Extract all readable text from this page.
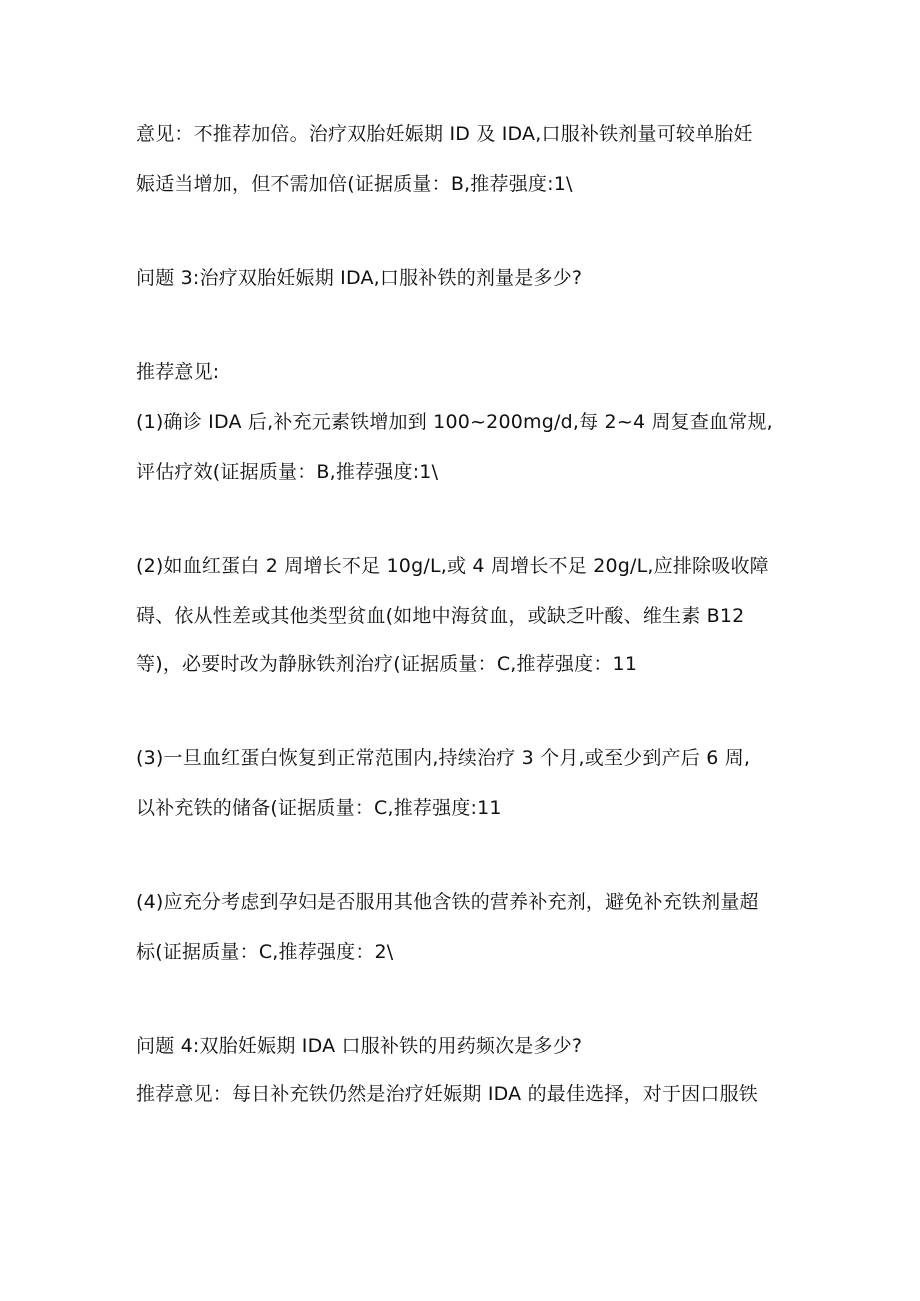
意见：不推荐加倍。治疗双胎妊娠期 ID 及 IDA,口服补铁剂量可较单胎妊
娠适当增加，但不需加倍(证据质量：B,推荐强度:1\
问题 3:治疗双胎妊娠期 IDA,口服补铁的剂量是多少?
推荐意见:
(1)确诊 IDA 后,补充元素铁增加到 100~200mg/d,每 2~4 周复查血常规,
评估疗效(证据质量：B,推荐强度:1\
(2)如血红蛋白 2 周增长不足 10g/L,或 4 周增长不足 20g/L,应排除吸收障
碍、依从性差或其他类型贫血(如地中海贫血，或缺乏叶酸、维生素 B12
等)，必要时改为静脉铁剂治疗(证据质量：C,推荐强度：11
(3)一旦血红蛋白恢复到正常范围内,持续治疗 3 个月,或至少到产后 6 周,
以补充铁的储备(证据质量：C,推荐强度:11
(4)应充分考虑到孕妇是否服用其他含铁的营养补充剂，避免补充铁剂量超
标(证据质量：C,推荐强度：2\
问题 4:双胎妊娠期 IDA 口服补铁的用药频次是多少?
推荐意见：每日补充铁仍然是治疗妊娠期 IDA 的最佳选择，对于因口服铁
